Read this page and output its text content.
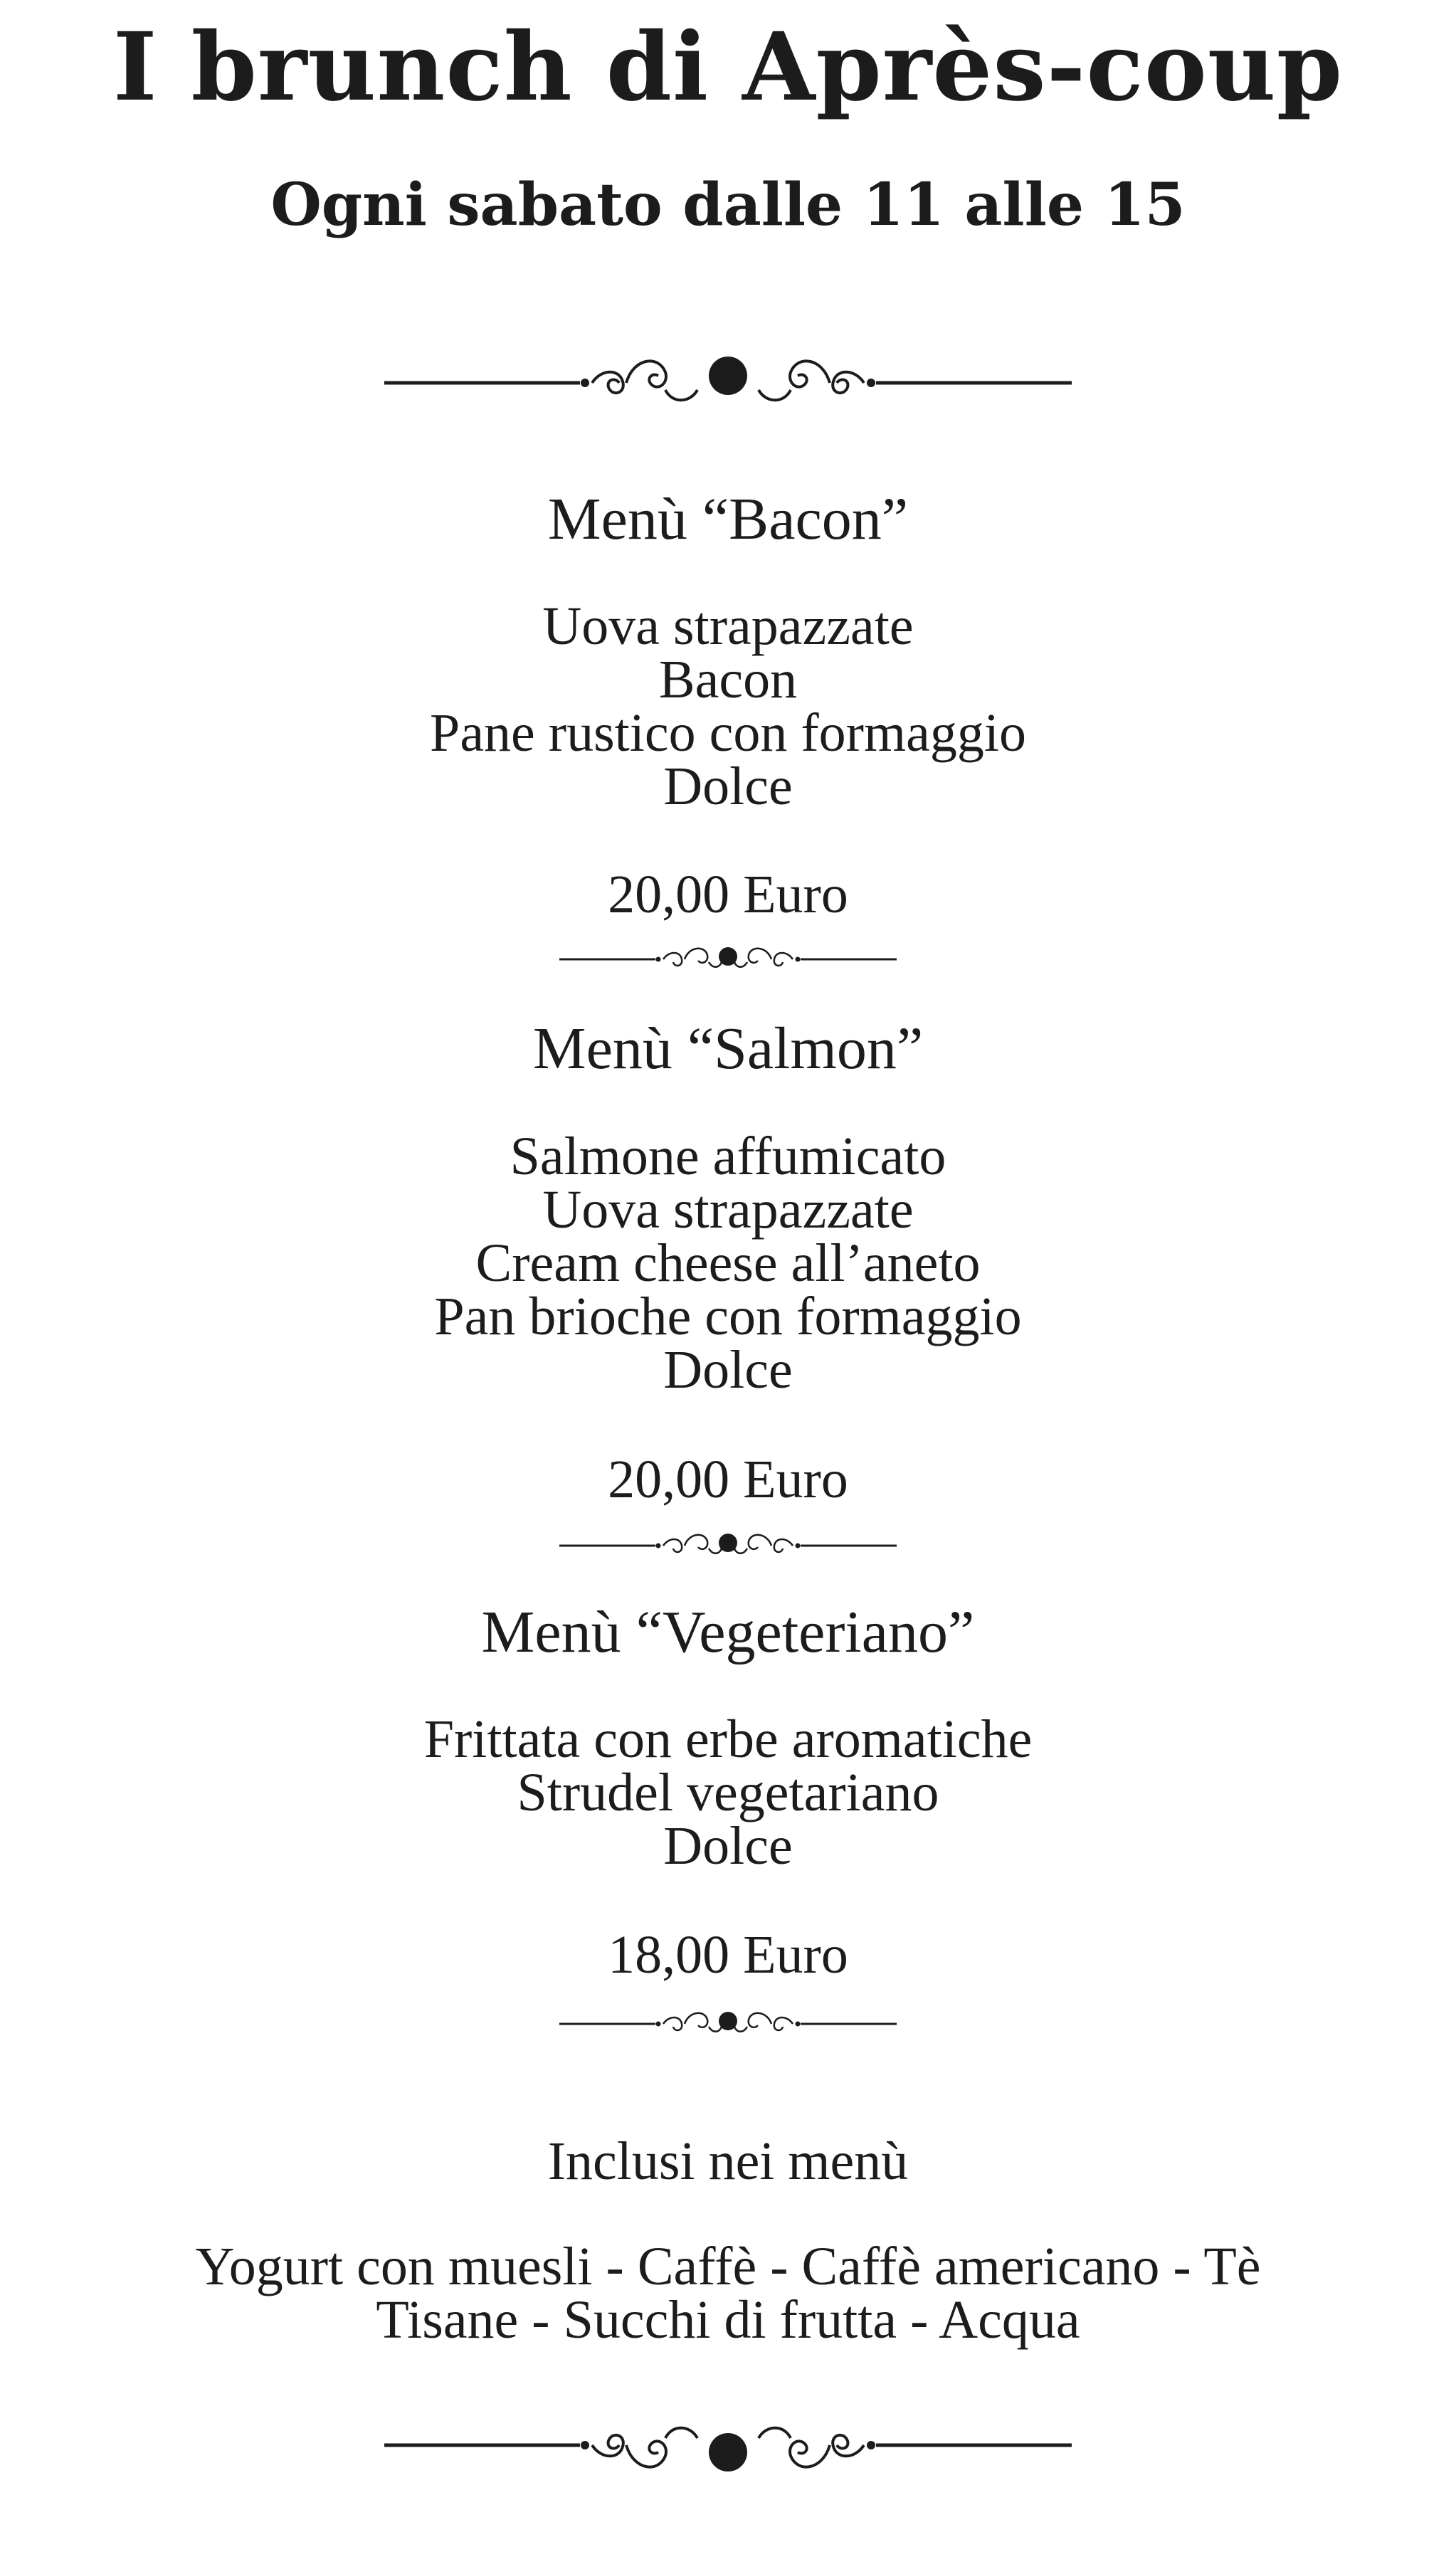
I brunch di Après-coup
Ogni sabato dalle 11 alle 15
Menù “Bacon”
Uova strapazzate
Bacon
Pane rustico con formaggio
Dolce
20,00 Euro
Menù “Salmon”
Salmone affumicato
Uova strapazzate
Cream cheese all’aneto
Pan brioche con formaggio
Dolce
20,00 Euro
Menù “Vegeteriano”
Frittata con erbe aromatiche
Strudel vegetariano
Dolce
18,00 Euro
Inclusi nei menù
Yogurt con muesli - Caffè - Caffè americano - Tè
Tisane - Succhi di frutta - Acqua
